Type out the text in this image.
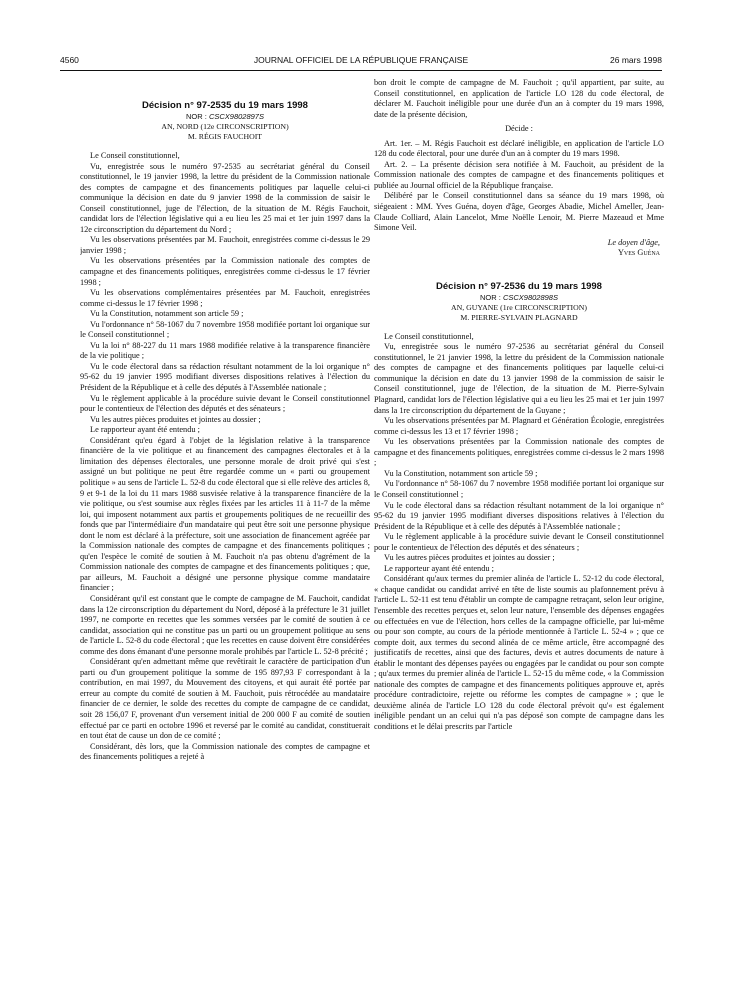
4560	JOURNAL OFFICIEL DE LA RÉPUBLIQUE FRANÇAISE	26 mars 1998
Décision n° 97-2535 du 19 mars 1998
NOR : CSCX9802897S
AN, NORD (12e CIRCONSCRIPTION)
M. RÉGIS FAUCHOIT

Le Conseil constitutionnel,

Vu, enregistrée sous le numéro 97-2535 au secrétariat général du Conseil constitutionnel, le 19 janvier 1998, la lettre du président de la Commission nationale des comptes de campagne et des financements politiques par laquelle celui-ci communique la décision en date du 9 janvier 1998 de la commission de saisir le Conseil constitutionnel, juge de l'élection, de la situation de M. Régis Fauchoit, candidat lors de l'élection législative qui a eu lieu les 25 mai et 1er juin 1997 dans la 12e circonscription du département du Nord ;

Vu les observations présentées par M. Fauchoit, enregistrées comme ci-dessus le 29 janvier 1998 ;

Vu les observations présentées par la Commission nationale des comptes de campagne et des financements politiques, enregistrées comme ci-dessus le 17 février 1998 ;

Vu les observations complémentaires présentées par M. Fauchoit, enregistrées comme ci-dessus le 17 février 1998 ;

Vu la Constitution, notamment son article 59 ;

Vu l'ordonnance n° 58-1067 du 7 novembre 1958 modifiée portant loi organique sur le Conseil constitutionnel ;

Vu la loi n° 88-227 du 11 mars 1988 modifiée relative à la transparence financière de la vie politique ;

Vu le code électoral dans sa rédaction résultant notamment de la loi organique n° 95-62 du 19 janvier 1995 modifiant diverses dispositions relatives à l'élection du Président de la République et à celle des députés à l'Assemblée nationale ;

Vu le règlement applicable à la procédure suivie devant le Conseil constitutionnel pour le contentieux de l'élection des députés et des sénateurs ;

Vu les autres pièces produites et jointes au dossier ;

Le rapporteur ayant été entendu ;

Considérant qu'eu égard à l'objet de la législation relative à la transparence financière de la vie politique et au financement des campagnes électorales et à la limitation des dépenses électorales, une personne morale de droit privé qui s'est assigné un but politique ne peut être regardée comme un « parti ou groupement politique » au sens de l'article L. 52-8 du code électoral que si elle relève des articles 8, 9 et 9-1 de la loi du 11 mars 1988 susvisée relative à la transparence financière de la vie politique, ou s'est soumise aux règles fixées par les articles 11 à 11-7 de la même loi, qui imposent notamment aux partis et groupements politiques de ne recueillir des fonds que par l'intermédiaire d'un mandataire qui peut être soit une personne physique dont le nom est déclaré à la préfecture, soit une association de financement agréée par la Commission nationale des comptes de campagne et des financements politiques ; qu'en l'espèce le comité de soutien à M. Fauchoit n'a pas obtenu d'agrément de la Commission nationale des comptes de campagne et des financements politiques ; que, par ailleurs, M. Fauchoit a désigné une personne physique comme mandataire financier ;

Considérant qu'il est constant que le compte de campagne de M. Fauchoit, candidat dans la 12e circonscription du département du Nord, déposé à la préfecture le 31 juillet 1997, ne comporte en recettes que les sommes versées par le comité de soutien à ce candidat, association qui ne constitue pas un parti ou un groupement politique au sens de l'article L. 52-8 du code électoral ; que les recettes en cause doivent être considérées comme des dons émanant d'une personne morale prohibés par l'article L. 52-8 précité ;

Considérant qu'en admettant même que revêtirait le caractère de participation d'un parti ou d'un groupement politique la somme de 195 897,93 F correspondant à la contribution, en mai 1997, du Mouvement des citoyens, et qui aurait été portée par erreur au compte du comité de soutien à M. Fauchoit, puis rétrocédée au mandataire financier de ce dernier, le solde des recettes du compte de campagne de ce candidat, soit 28 156,07 F, provenant d'un versement initial de 200 000 F au comité de soutien effectué par ce parti en octobre 1996 et reversé par le comité au candidat, constituerait en tout état de cause un don de ce comité ;

Considérant, dès lors, que la Commission nationale des comptes de campagne et des financements politiques a rejeté à

bon droit le compte de campagne de M. Fauchoit ; qu'il appartient, par suite, au Conseil constitutionnel, en application de l'article LO 128 du code électoral, de déclarer M. Fauchoit inéligible pour une durée d'un an à compter du 19 mars 1998, date de la présente décision,

Décide :

Art. 1er. – M. Régis Fauchoit est déclaré inéligible, en application de l'article LO 128 du code électoral, pour une durée d'un an à compter du 19 mars 1998.

Art. 2. – La présente décision sera notifiée à M. Fauchoit, au président de la Commission nationale des comptes de campagne et des financements politiques et publiée au Journal officiel de la République française.

Délibéré par le Conseil constitutionnel dans sa séance du 19 mars 1998, où siégeaient : MM. Yves Guéna, doyen d'âge, Georges Abadie, Michel Ameller, Jean-Claude Colliard, Alain Lancelot, Mme Noëlle Lenoir, M. Pierre Mazeaud et Mme Simone Veil.

Le doyen d'âge,
Yves Guéna
Décision n° 97-2536 du 19 mars 1998
NOR : CSCX9802898S
AN, GUYANE (1re CIRCONSCRIPTION)
M. PIERRE-SYLVAIN PLAGNARD

Le Conseil constitutionnel,

Vu, enregistrée sous le numéro 97-2536 au secrétariat général du Conseil constitutionnel, le 21 janvier 1998, la lettre du président de la Commission nationale des comptes de campagne et des financements politiques par laquelle celui-ci communique la décision en date du 13 janvier 1998 de la commission de saisir le Conseil constitutionnel, juge de l'élection, de la situation de M. Pierre-Sylvain Plagnard, candidat lors de l'élection législative qui a eu lieu les 25 mai et 1er juin 1997 dans la 1re circonscription du département de la Guyane ;

Vu les observations présentées par M. Plagnard et Génération Écologie, enregistrées comme ci-dessus les 13 et 17 février 1998 ;

Vu les observations présentées par la Commission nationale des comptes de campagne et des financements politiques, enregistrées comme ci-dessus le 2 mars 1998 ;

Vu la Constitution, notamment son article 59 ;

Vu l'ordonnance n° 58-1067 du 7 novembre 1958 modifiée portant loi organique sur le Conseil constitutionnel ;

Vu le code électoral dans sa rédaction résultant notamment de la loi organique n° 95-62 du 19 janvier 1995 modifiant diverses dispositions relatives à l'élection du Président de la République et à celle des députés à l'Assemblée nationale ;

Vu le règlement applicable à la procédure suivie devant le Conseil constitutionnel pour le contentieux de l'élection des députés et des sénateurs ;

Vu les autres pièces produites et jointes au dossier ;

Le rapporteur ayant été entendu ;

Considérant qu'aux termes du premier alinéa de l'article L. 52-12 du code électoral, « chaque candidat ou candidat arrivé en tête de liste soumis au plafonnement prévu à l'article L. 52-11 est tenu d'établir un compte de campagne retraçant, selon leur origine, l'ensemble des recettes perçues et, selon leur nature, l'ensemble des dépenses engagées ou effectuées en vue de l'élection, hors celles de la campagne officielle, par lui-même ou pour son compte, au cours de la période mentionnée à l'article L. 52-4 » ; que ce compte doit, aux termes du second alinéa de ce même article, être accompagné des justificatifs de recettes, ainsi que des factures, devis et autres documents de nature à établir le montant des dépenses payées ou engagées par le candidat ou pour son compte ; qu'aux termes du premier alinéa de l'article L. 52-15 du même code, « la Commission nationale des comptes de campagne et des financements politiques approuve et, après procédure contradictoire, rejette ou réforme les comptes de campagne » ; que le deuxième alinéa de l'article LO 128 du code électoral prévoit qu'« est également inéligible pendant un an celui qui n'a pas déposé son compte de campagne dans les conditions et le délai prescrits par l'article
